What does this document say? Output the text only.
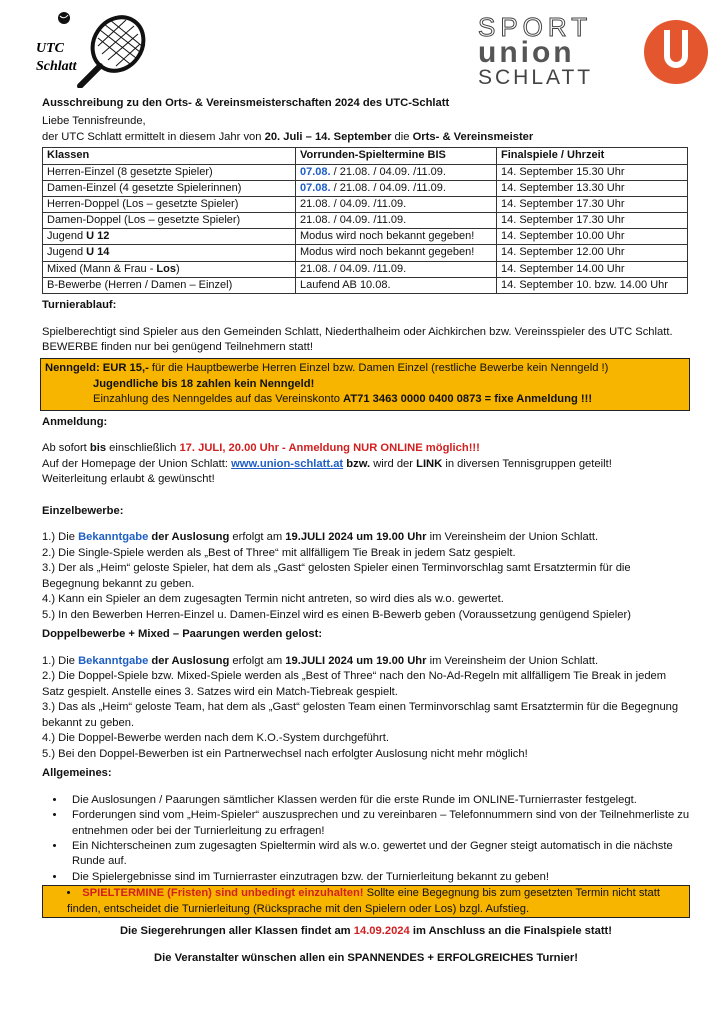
UTC
Schlatt
SPORT
union
SCHLATT

Ausschreibung zu den Orts- & Vereinsmeisterschaften 2024 des UTC-Schlatt

Liebe Tennisfreunde,

der UTC Schlatt ermittelt in diesem Jahr von 20. Juli – 14. September die Orts- & Vereinsmeister

Klassen	Vorrunden-Spieltermine BIS	Finalspiele / Uhrzeit
Herren-Einzel (8 gesetzte Spieler)	07.08. / 21.08. / 04.09. /11.09.	14. September 15.30 Uhr
Damen-Einzel (4 gesetzte Spielerinnen)	07.08. / 21.08. / 04.09. /11.09.	14. September 13.30 Uhr
Herren-Doppel (Los – gesetzte Spieler)	21.08. / 04.09. /11.09.	14. September 17.30 Uhr
Damen-Doppel (Los – gesetzte Spieler)	21.08. / 04.09. /11.09.	14. September 17.30 Uhr
Jugend U 12	Modus wird noch bekannt gegeben!	14. September 10.00 Uhr
Jugend U 14	Modus wird noch bekannt gegeben!	14. September 12.00 Uhr
Mixed (Mann & Frau - Los)	21.08. / 04.09. /11.09.	14. September 14.00 Uhr
B-Bewerbe (Herren / Damen – Einzel)	Laufend AB 10.08.	14. September 10. bzw. 14.00 Uhr

Turnierablauf:

Spielberechtigt sind Spieler aus den Gemeinden Schlatt, Niederthalheim oder Aichkirchen bzw. Vereinsspieler des UTC Schlatt. BEWERBE finden nur bei genügend Teilnehmern statt!

Nenngeld: EUR 15,- für die Hauptbewerbe Herren Einzel bzw. Damen Einzel (restliche Bewerbe kein Nenngeld !)
Jugendliche bis 18 zahlen kein Nenngeld!
Einzahlung des Nenngeldes auf das Vereinskonto AT71 3463 0000 0400 0873 = fixe Anmeldung !!!

Anmeldung:

Ab sofort bis einschließlich 17. JULI, 20.00 Uhr - Anmeldung NUR ONLINE möglich!!!

Auf der Homepage der Union Schlatt: www.union-schlatt.at bzw. wird der LINK in diversen Tennisgruppen geteilt!

Weiterleitung erlaubt & gewünscht!

Einzelbewerbe:

1.) Die Bekanntgabe der Auslosung erfolgt am 19.JULI 2024 um 19.00 Uhr im Vereinsheim der Union Schlatt.

2.) Die Single-Spiele werden als „Best of Three“ mit allfälligem Tie Break in jedem Satz gespielt.

3.) Der als „Heim“ geloste Spieler, hat dem als „Gast“ gelosten Spieler einen Terminvorschlag samt Ersatztermin für die Begegnung bekannt zu geben.

4.) Kann ein Spieler an dem zugesagten Termin nicht antreten, so wird dies als w.o. gewertet.

5.) In den Bewerben Herren-Einzel u. Damen-Einzel wird es einen B-Bewerb geben (Voraussetzung genügend Spieler)

Doppelbewerbe + Mixed – Paarungen werden gelost:

1.) Die Bekanntgabe der Auslosung erfolgt am 19.JULI 2024 um 19.00 Uhr im Vereinsheim der Union Schlatt.

2.) Die Doppel-Spiele bzw. Mixed-Spiele werden als „Best of Three“ nach den No-Ad-Regeln mit allfälligem Tie Break in jedem Satz gespielt. Anstelle eines 3. Satzes wird ein Match-Tiebreak gespielt.

3.) Das als „Heim“ geloste Team, hat dem als „Gast“ gelosten Team einen Terminvorschlag samt Ersatztermin für die Begegnung bekannt zu geben.

4.) Die Doppel-Bewerbe werden nach dem K.O.-System durchgeführt.

5.) Bei den Doppel-Bewerben ist ein Partnerwechsel nach erfolgter Auslosung nicht mehr möglich!

Allgemeines:

• Die Auslosungen / Paarungen sämtlicher Klassen werden für die erste Runde im ONLINE-Turnierraster festgelegt.
• Forderungen sind vom „Heim-Spieler“ auszusprechen und zu vereinbaren – Telefonnummern sind von der Teilnehmerliste zu entnehmen oder bei der Turnierleitung zu erfragen!
• Ein Nichterscheinen zum zugesagten Spieltermin wird als w.o. gewertet und der Gegner steigt automatisch in die nächste Runde auf.
• Die Spielergebnisse sind im Turnierraster einzutragen bzw. der Turnierleitung bekannt zu geben!
• SPIELTERMINE (Fristen) sind unbedingt einzuhalten! Sollte eine Begegnung bis zum gesetzten Termin nicht statt finden, entscheidet die Turnierleitung (Rücksprache mit den Spielern oder Los) bzgl. Aufstieg.

Die Siegerehrungen aller Klassen findet am 14.09.2024 im Anschluss an die Finalspiele statt!

Die Veranstalter wünschen allen ein SPANNENDES + ERFOLGREICHES Turnier!
